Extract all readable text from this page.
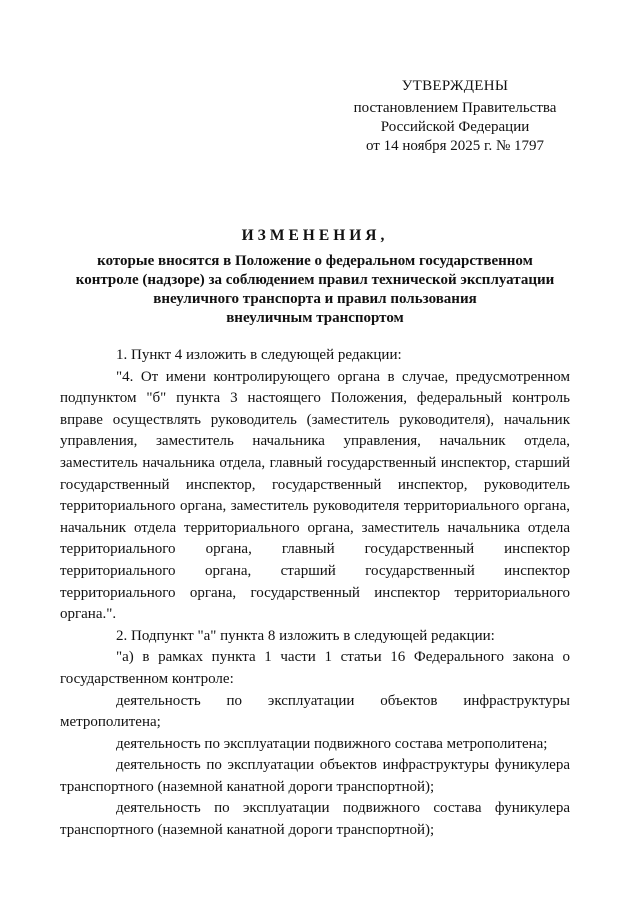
УТВЕРЖДЕНЫ
постановлением Правительства
Российской Федерации
от 14 ноября 2025 г. № 1797
ИЗМЕНЕНИЯ,
которые вносятся в Положение о федеральном государственном
контроле (надзоре) за соблюдением правил технической эксплуатации
внеуличного транспорта и правил пользования
внеуличным транспортом

1. Пункт 4 изложить в следующей редакции:

"4. От имени контролирующего органа в случае, предусмотренном подпунктом "б" пункта 3 настоящего Положения, федеральный контроль вправе осуществлять руководитель (заместитель руководителя), начальник управления, заместитель начальника управления, начальник отдела, заместитель начальника отдела, главный государственный инспектор, старший государственный инспектор, государственный инспектор, руководитель территориального органа, заместитель руководителя территориального органа, начальник отдела территориального органа, заместитель начальника отдела территориального органа, главный государственный инспектор территориального органа, старший государственный инспектор территориального органа, государственный инспектор территориального органа.".

2. Подпункт "а" пункта 8 изложить в следующей редакции:

"а) в рамках пункта 1 части 1 статьи 16 Федерального закона о государственном контроле:

деятельность по эксплуатации объектов инфраструктуры метрополитена;

деятельность по эксплуатации подвижного состава метрополитена;

деятельность по эксплуатации объектов инфраструктуры фуникулера транспортного (наземной канатной дороги транспортной);

деятельность по эксплуатации подвижного состава фуникулера транспортного (наземной канатной дороги транспортной);
